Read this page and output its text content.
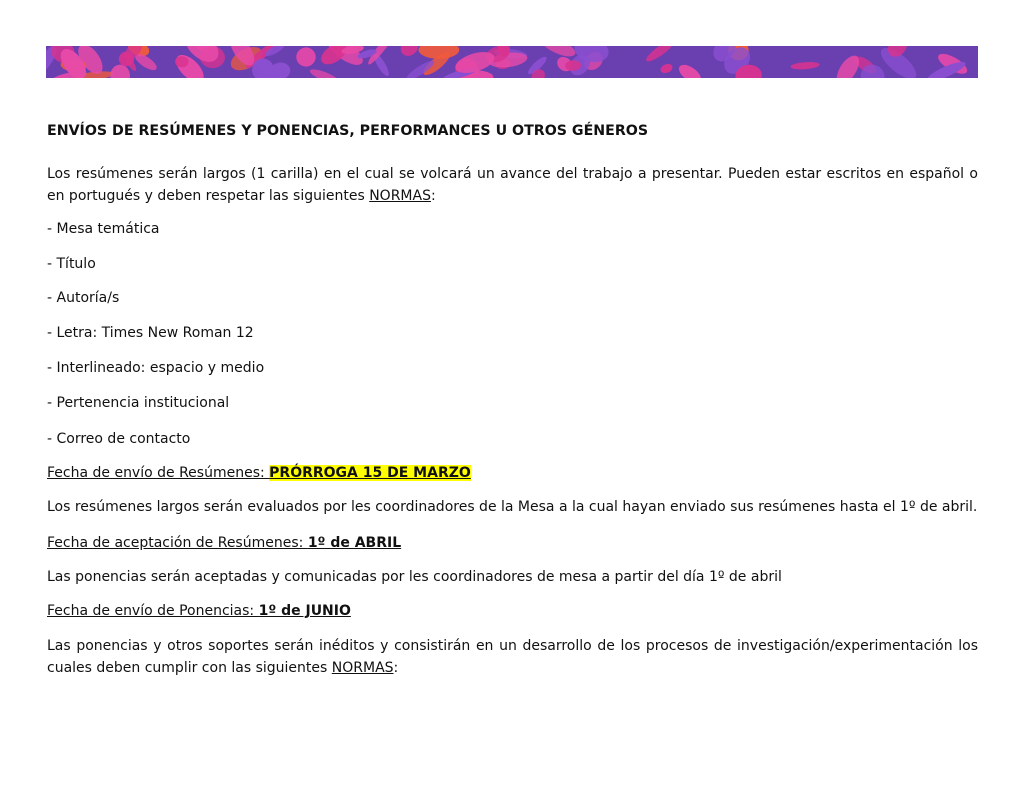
ENVÍOS DE RESÚMENES Y PONENCIAS, PERFORMANCES U OTROS GÉNEROS
Los resúmenes serán largos (1 carilla) en el cual se volcará un avance del trabajo a presentar. Pueden estar escritos en español o en portugués y deben respetar las siguientes NORMAS:
- Mesa temática
- Título
- Autoría/s
- Letra: Times New Roman 12
- Interlineado: espacio y medio
- Pertenencia institucional
- Correo de contacto
Fecha de envío de Resúmenes: PRÓRROGA 15 DE MARZO
Los resúmenes largos serán evaluados por les coordinadores de la Mesa a la cual hayan enviado sus resúmenes hasta el 1º de abril.
Fecha de aceptación de Resúmenes: 1º de ABRIL
Las ponencias serán aceptadas y comunicadas por les coordinadores de mesa a partir del día 1º de abril
Fecha de envío de Ponencias: 1º de JUNIO
Las ponencias y otros soportes serán inéditos y consistirán en un desarrollo de los procesos de investigación/experimentación los cuales deben cumplir con las siguientes NORMAS:
